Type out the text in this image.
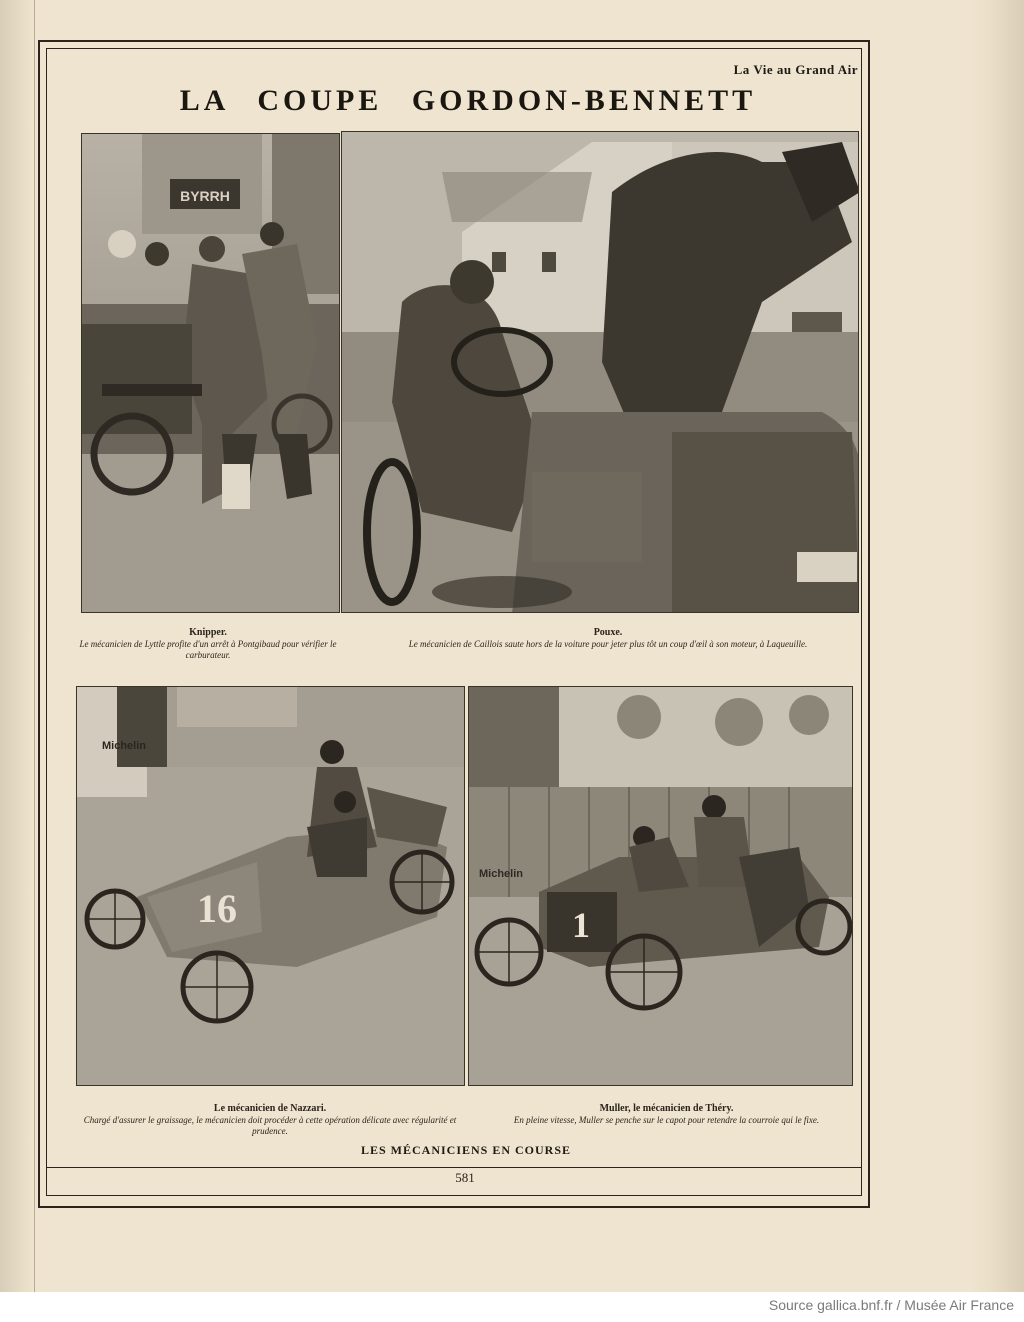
La Vie au Grand Air
LA COUPE GORDON-BENNETT
BYRRH
Knipper.
Le mécanicien de Lyttle profite d'un arrêt à Pontgibaud pour vérifier le carburateur.
Pouxe.
Le mécanicien de Caillois saute hors de la voiture pour jeter plus tôt un coup d'œil à son moteur, à Laqueuille.
Michelin
16
Michelin
1
Le mécanicien de Nazzari.
Chargé d'assurer le graissage, le mécanicien doit procéder à cette opération délicate avec régularité et prudence.
Muller, le mécanicien de Théry.
En pleine vitesse, Muller se penche sur le capot pour retendre la courroie qui le fixe.
LES MÉCANICIENS EN COURSE
581
Source gallica.bnf.fr / Musée Air France
